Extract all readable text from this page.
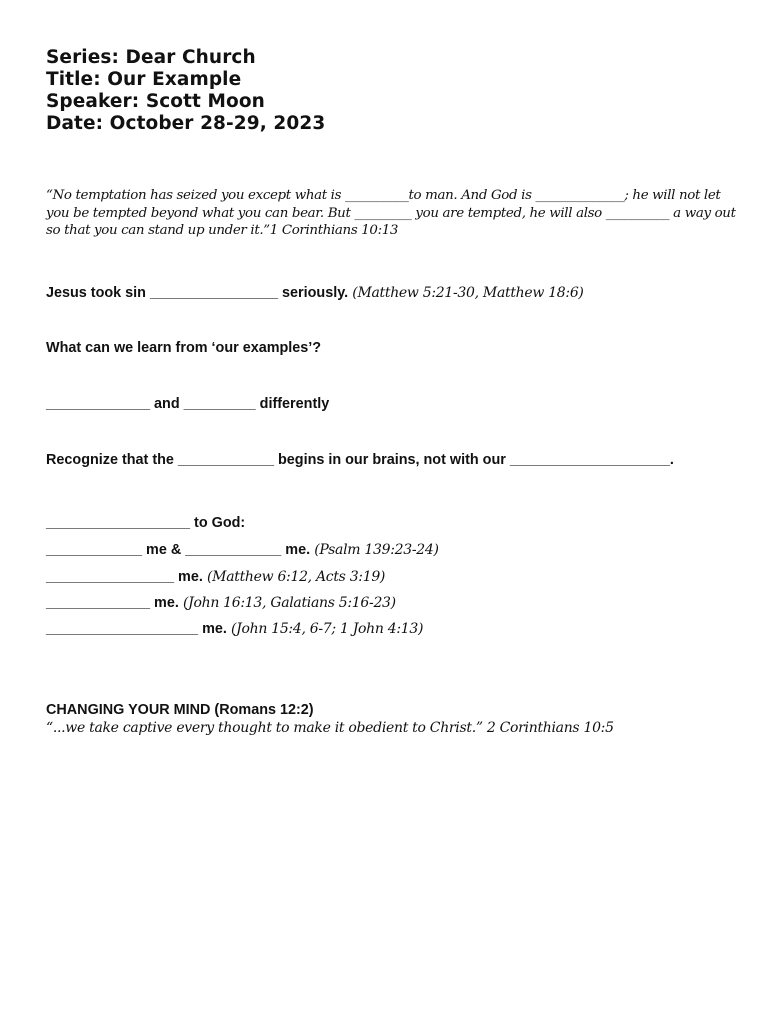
Series: Dear Church
Title: Our Example
Speaker: Scott Moon
Date: October 28-29, 2023
“No temptation has seized you except what is __________to man. And God is ______________; he will not let you be tempted beyond what you can bear. But _________ you are tempted, he will also __________ a way out so that you can stand up under it.”1 Corinthians 10:13
Jesus took sin ________________ seriously. (Matthew 5:21-30, Matthew 18:6)
What can we learn from ‘our examples’?
_____________ and _________ differently
Recognize that the ____________ begins in our brains, not with our ____________________.
__________________ to God:
____________ me & ____________ me. (Psalm 139:23-24)
________________ me. (Matthew 6:12, Acts 3:19)
_____________ me. (John 16:13, Galatians 5:16-23)
___________________ me. (John 15:4, 6-7; 1 John 4:13)
CHANGING YOUR MIND (Romans 12:2)
“...we take captive every thought to make it obedient to Christ.” 2 Corinthians 10:5
